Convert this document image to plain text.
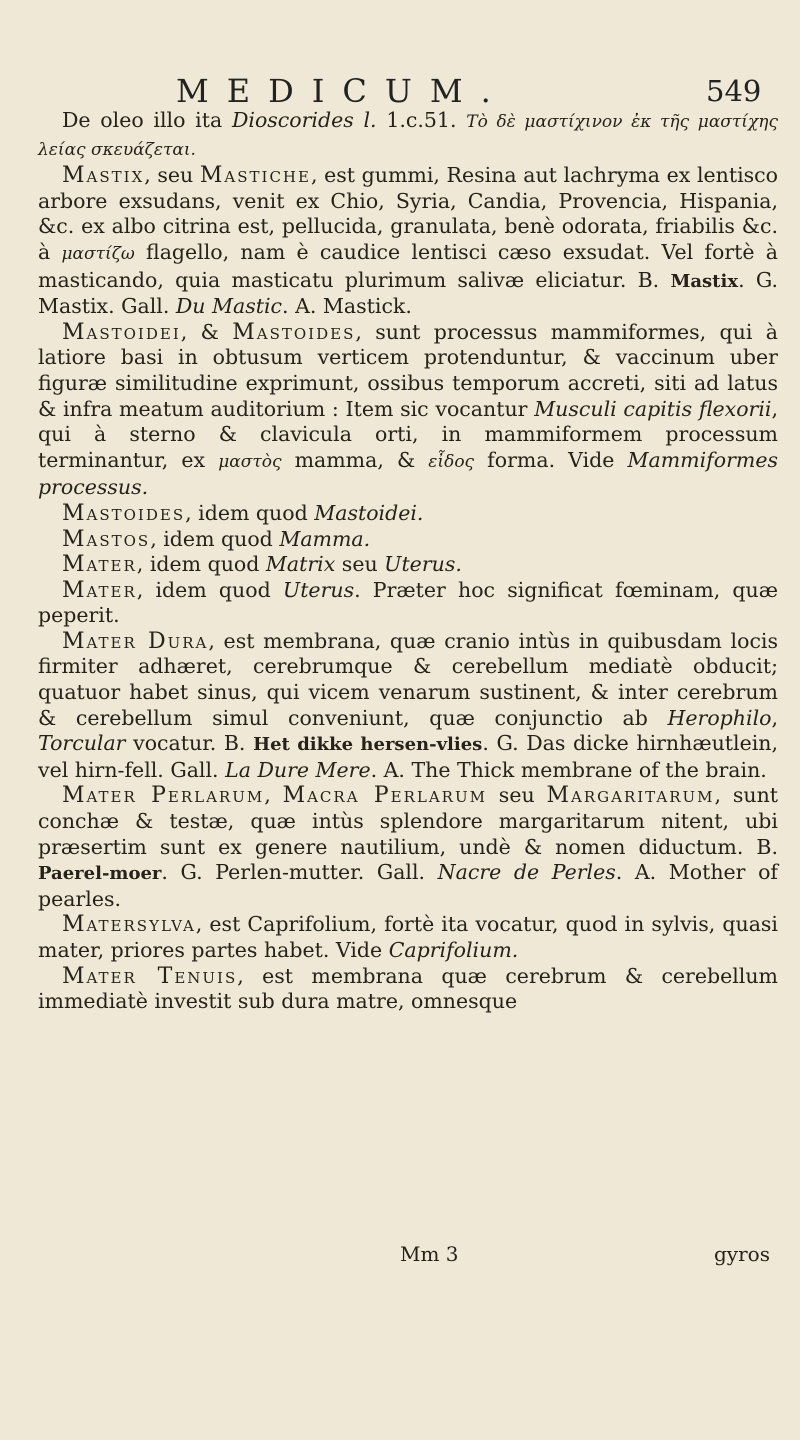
MEDICUM.	549

De oleo illo ita Dioscorides l. 1.c.51. Τὸ δὲ μαστίχινον ἐκ τῆς μαστίχης λείας σκευάζεται.

Mastix, seu Mastiche, est gummi, Resina aut lachryma ex lentisco arbore exsudans, venit ex Chio, Syria, Candia, Provencia, Hispania, &c. ex albo citrina est, pellucida, granulata, benè odorata, friabilis &c. à μαστίζω flagello, nam è caudice lentisci cæso exsudat. Vel fortè à masticando, quia masticatu plurimum salivæ eliciatur. B. Mastix. G. Mastix. Gall. Du Mastic. A. Mastick.

Mastoidei, & Mastoides, sunt processus mammiformes, qui à latiore basi in obtusum verticem protenduntur, & vaccinum uber figuræ similitudine exprimunt, ossibus temporum accreti, siti ad latus & infra meatum auditorium : Item sic vocantur Musculi capitis flexorii, qui à sterno & clavicula orti, in mammiformem processum terminantur, ex μαστὸς mamma, & εἶδος forma. Vide Mammiformes processus.

Mastoides, idem quod Mastoidei.

Mastos, idem quod Mamma.

Mater, idem quod Matrix seu Uterus.

Mater, idem quod Uterus. Præter hoc significat fœminam, quæ peperit.

Mater Dura, est membrana, quæ cranio intùs in quibusdam locis firmiter adhæret, cerebrumque & cerebellum mediatè obducit; quatuor habet sinus, qui vicem venarum sustinent, & inter cerebrum & cerebellum simul conveniunt, quæ conjunctio ab Herophilo, Torcular vocatur. B. Het dikke hersen-vlies. G. Das dicke hirnhæutlein, vel hirn-fell. Gall. La Dure Mere. A. The Thick membrane of the brain.

Mater Perlarum, Macra Perlarum seu Margaritarum, sunt conchæ & testæ, quæ intùs splendore margaritarum nitent, ubi præsertim sunt ex genere nautilium, undè & nomen diductum. B. Paerel-moer. G. Perlen-mutter. Gall. Nacre de Perles. A. Mother of pearles.

Matersylva, est Caprifolium, fortè ita vocatur, quod in sylvis, quasi mater, priores partes habet. Vide Caprifolium.

Mater Tenuis, est membrana quæ cerebrum & cerebellum immediatè investit sub dura matre, omnesque

Mm 3	gyros
